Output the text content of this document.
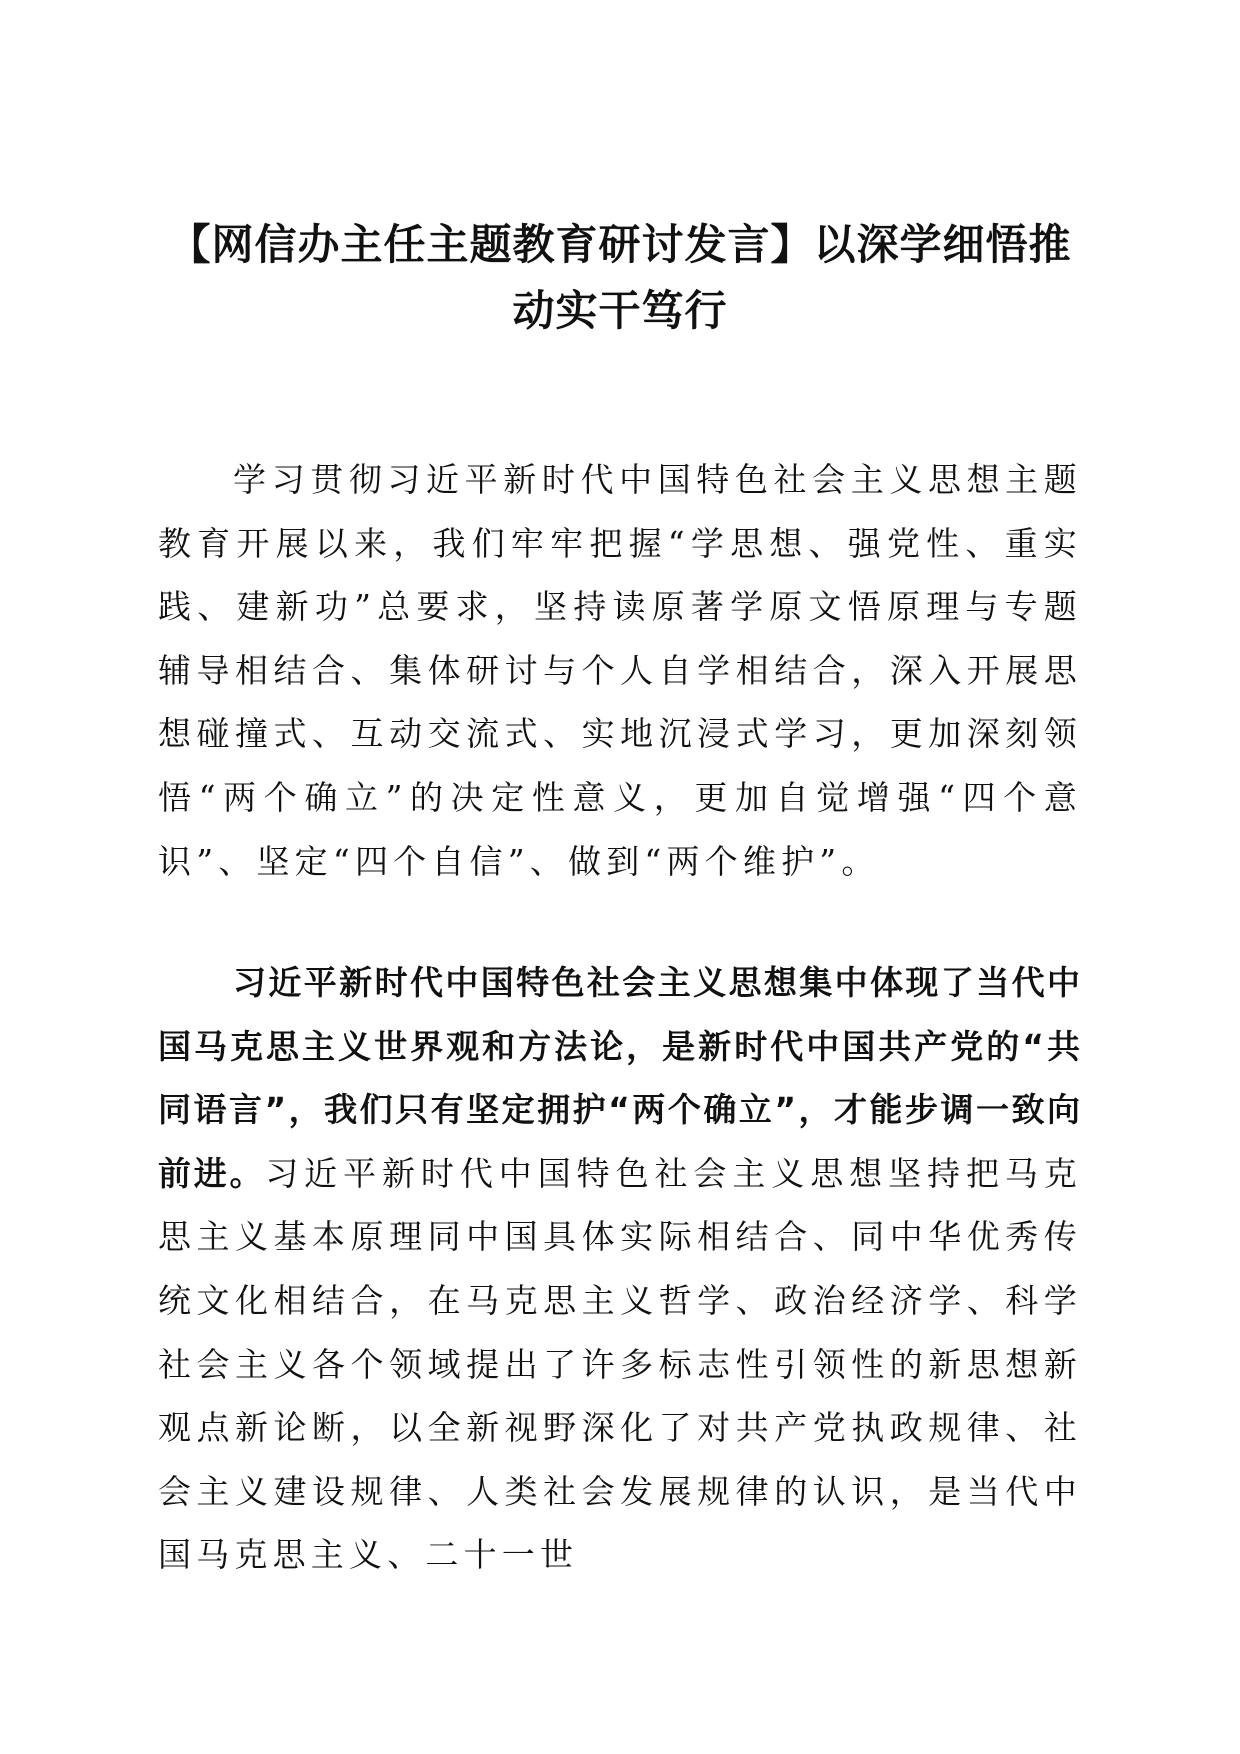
【网信办主任主题教育研讨发言】以深学细悟推动实干笃行

学习贯彻习近平新时代中国特色社会主义思想主题教育开展以来，我们牢牢把握“学思想、强党性、重实践、建新功”总要求，坚持读原著学原文悟原理与专题辅导相结合、集体研讨与个人自学相结合，深入开展思想碰撞式、互动交流式、实地沉浸式学习，更加深刻领悟“两个确立”的决定性意义，更加自觉增强“四个意识”、坚定“四个自信”、做到“两个维护”。

习近平新时代中国特色社会主义思想集中体现了当代中国马克思主义世界观和方法论，是新时代中国共产党的“共同语言”，我们只有坚定拥护“两个确立”，才能步调一致向前进。习近平新时代中国特色社会主义思想坚持把马克思主义基本原理同中国具体实际相结合、同中华优秀传统文化相结合，在马克思主义哲学、政治经济学、科学社会主义各个领域提出了许多标志性引领性的新思想新观点新论断，以全新视野深化了对共产党执政规律、社会主义建设规律、人类社会发展规律的认识，是当代中国马克思主义、二十一世
